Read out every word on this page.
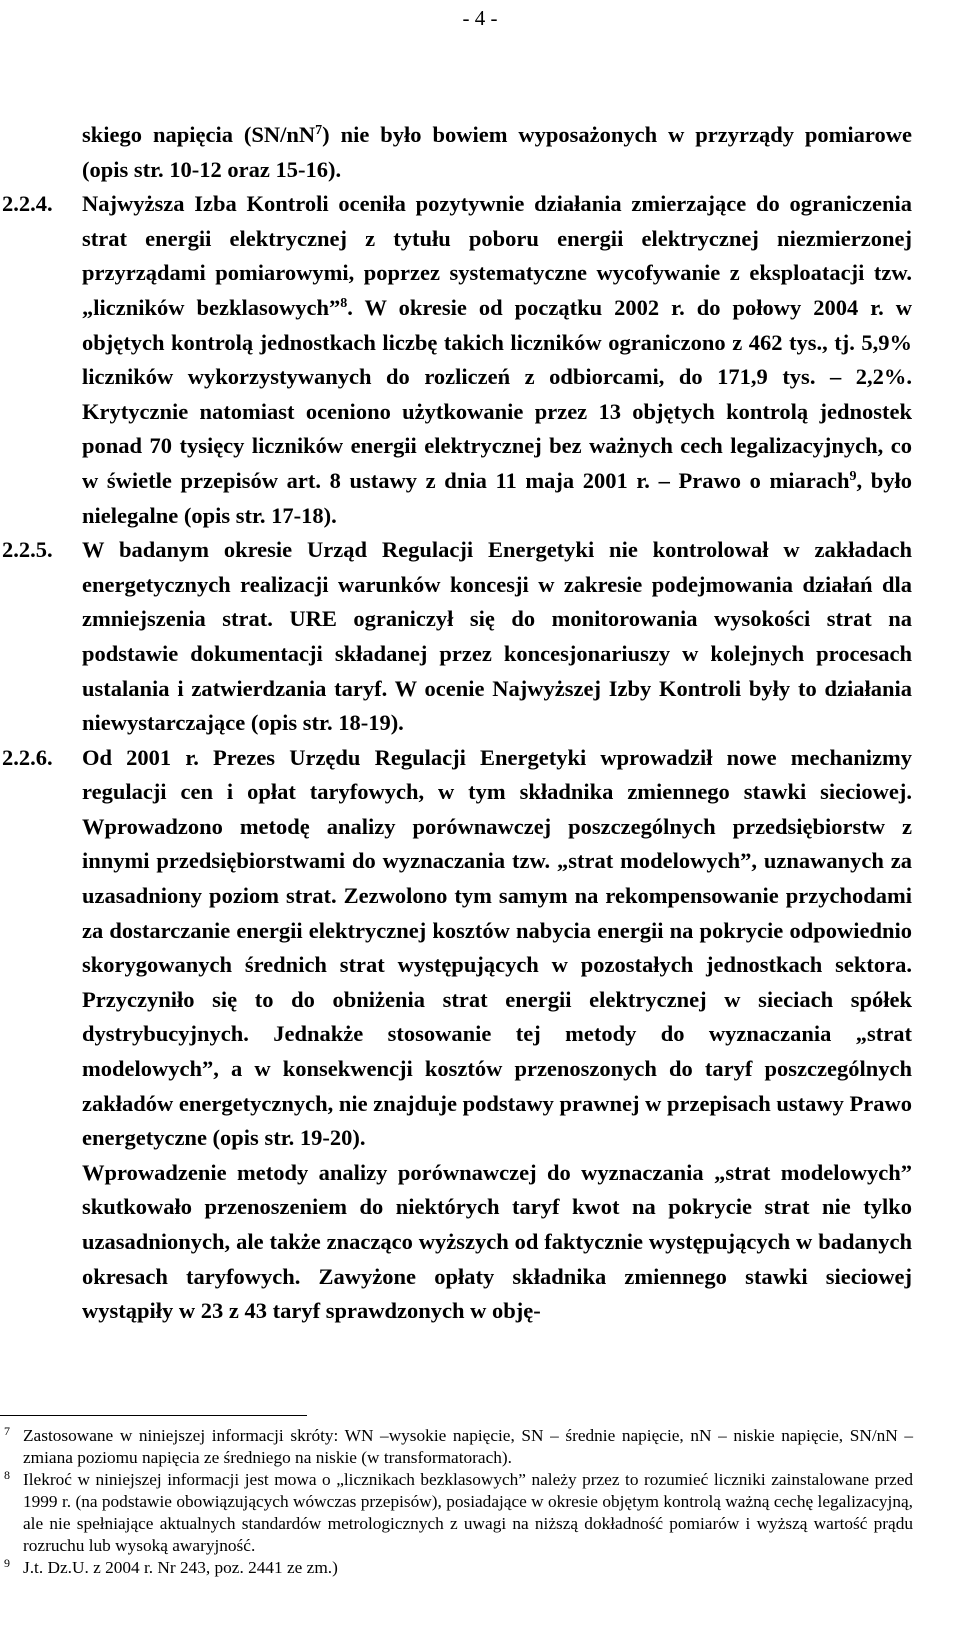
- 4 -

skiego napięcia $(SN/nN^7)$ nie było bowiem wyposażonych w przyrządy pomiarowe (opis str. 10-12 oraz 15-16).

2.2.4. Najwyższa Izba Kontroli oceniła pozytywnie działania zmierzające do ograniczenia strat energii elektrycznej z tytułu poboru energii elektrycznej niezmierzonej przyrządami pomiarowymi, poprzez systematyczne wycofywanie z eksploatacji tzw. „liczników bezklasowych”$^8$. W okresie od początku 2002 r. do połowy 2004 r. w objętych kontrolą jednostkach liczbę takich liczników ograniczono z 462 tys., tj. 5,9% liczników wykorzystywanych do rozliczeń z odbiorcami, do 171,9 tys. – 2,2%. Krytycznie natomiast oceniono użytkowanie przez 13 objętych kontrolą jednostek ponad 70 tysięcy liczników energii elektrycznej bez ważnych cech legalizacyjnych, co w świetle przepisów art. 8 ustawy z dnia 11 maja 2001 r. – Prawo o miarach$^9$, było nielegalne (opis str. 17-18).

2.2.5. W badanym okresie Urząd Regulacji Energetyki nie kontrolował w zakładach energetycznych realizacji warunków koncesji w zakresie podejmowania działań dla zmniejszenia strat. URE ograniczył się do monitorowania wysokości strat na podstawie dokumentacji składanej przez koncesjonariuszy w kolejnych procesach ustalania i zatwierdzania taryf. W ocenie Najwyższej Izby Kontroli były to działania niewystarczające (opis str. 18-19).

2.2.6. Od 2001 r. Prezes Urzędu Regulacji Energetyki wprowadził nowe mechanizmy regulacji cen i opłat taryfowych, w tym składnika zmiennego stawki sieciowej. Wprowadzono metodę analizy porównawczej poszczególnych przedsiębiorstw z innymi przedsiębiorstwami do wyznaczania tzw. „strat modelowych”, uznawanych za uzasadniony poziom strat. Zezwolono tym samym na rekompensowanie przychodami za dostarczanie energii elektrycznej kosztów nabycia energii na pokrycie odpowiednio skorygowanych średnich strat występujących w pozostałych jednostkach sektora. Przyczyniło się to do obniżenia strat energii elektrycznej w sieciach spółek dystrybucyjnych. Jednakże stosowanie tej metody do wyznaczania „strat modelowych”, a w konsekwencji kosztów przenoszonych do taryf poszczególnych zakładów energetycznych, nie znajduje podstawy prawnej w przepisach ustawy Prawo energetyczne (opis str. 19-20).

Wprowadzenie metody analizy porównawczej do wyznaczania „strat modelowych” skutkowało przenoszeniem do niektórych taryf kwot na pokrycie strat nie tylko uzasadnionych, ale także znacząco wyższych od faktycznie występujących w badanych okresach taryfowych. Zawyżone opłaty składnika zmiennego stawki sieciowej wystąpiły w 23 z 43 taryf sprawdzonych w obję-

7 Zastosowane w niniejszej informacji skróty: WN –wysokie napięcie, SN – średnie napięcie, nN – niskie napięcie, SN/nN – zmiana poziomu napięcia ze średniego na niskie (w transformatorach).
8 Ilekroć w niniejszej informacji jest mowa o „licznikach bezklasowych” należy przez to rozumieć liczniki zainstalowane przed 1999 r. (na podstawie obowiązujących wówczas przepisów), posiadające w okresie objętym kontrolą ważną cechę legalizacyjną, ale nie spełniające aktualnych standardów metrologicznych z uwagi na niższą dokładność pomiarów i wyższą wartość prądu rozruchu lub wysoką awaryjność.
9 J.t. Dz.U. z 2004 r. Nr 243, poz. 2441 ze zm.)
